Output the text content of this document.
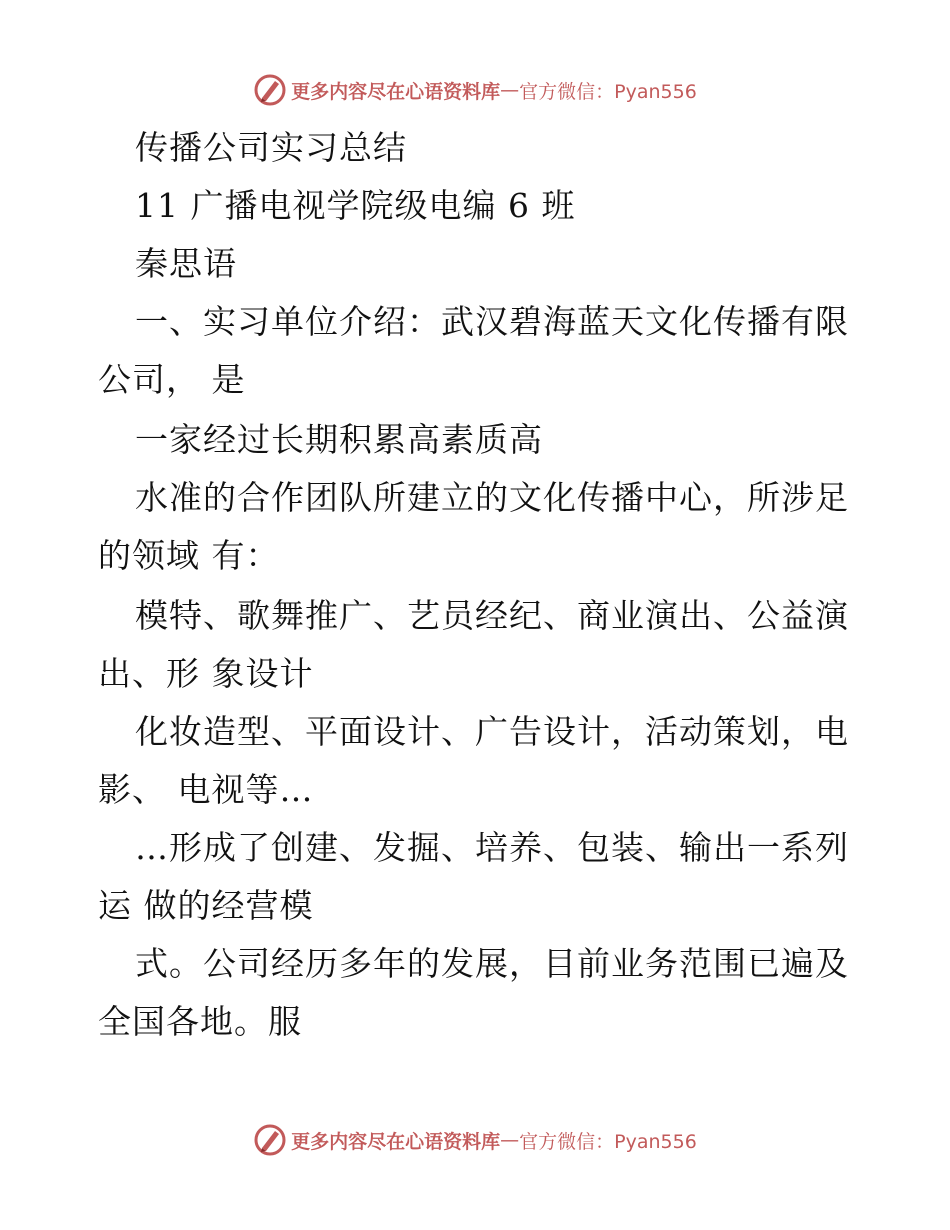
更多内容尽在心语资料库 — 官方微信：Pyan556
传播公司实习总结
11 广播电视学院级电编 6 班
秦思语
一、实习单位介绍：武汉碧海蓝天文化传播有限
公司， 是
一家经过长期积累高素质高
水准的合作团队所建立的文化传播中心，所涉足
的领域 有：
模特、歌舞推广、艺员经纪、商业演出、公益演
出、形 象设计
化妆造型、平面设计、广告设计，活动策划，电
影、 电视等…
…形成了创建、发掘、培养、包装、输出一系列
运 做的经营模
式。公司经历多年的发展，目前业务范围已遍及
全国各地。服
更多内容尽在心语资料库 — 官方微信：Pyan556
